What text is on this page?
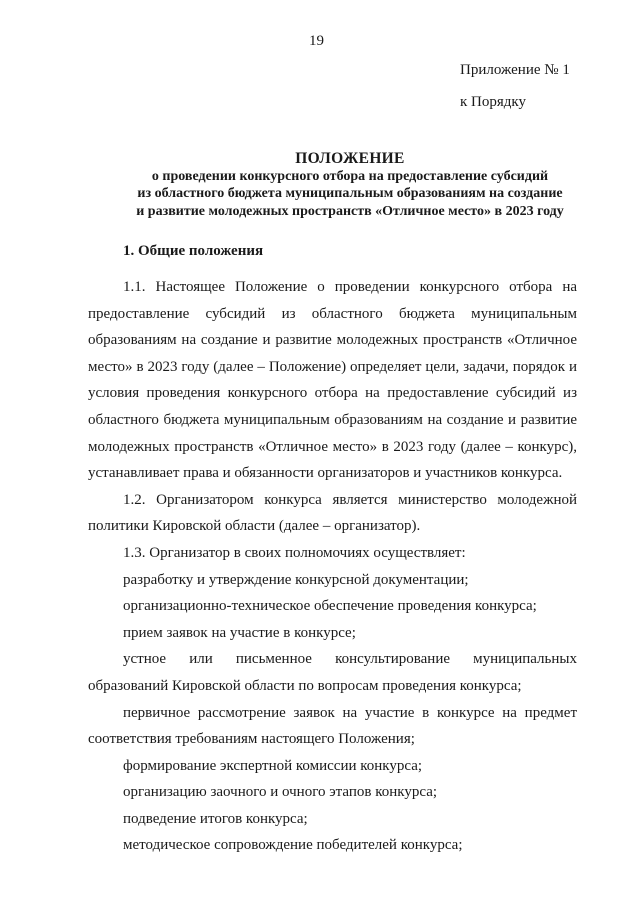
19
Приложение № 1
к Порядку
ПОЛОЖЕНИЕ
о проведении конкурсного отбора на предоставление субсидий
из областного бюджета муниципальным образованиям на создание
и развитие молодежных пространств «Отличное место» в 2023 году
1. Общие положения

1.1. Настоящее Положение о проведении конкурсного отбора на предоставление субсидий из областного бюджета муниципальным образованиям на создание и развитие молодежных пространств «Отличное место» в 2023 году (далее – Положение) определяет цели, задачи, порядок и условия проведения конкурсного отбора на предоставление субсидий из областного бюджета муниципальным образованиям на создание и развитие молодежных пространств «Отличное место» в 2023 году (далее – конкурс), устанавливает права и обязанности организаторов и участников конкурса.

1.2. Организатором конкурса является министерство молодежной политики Кировской области (далее – организатор).

1.3. Организатор в своих полномочиях осуществляет:

разработку и утверждение конкурсной документации;

организационно-техническое обеспечение проведения конкурса;

прием заявок на участие в конкурсе;

устное или письменное консультирование муниципальных образований Кировской области по вопросам проведения конкурса;

первичное рассмотрение заявок на участие в конкурсе на предмет соответствия требованиям настоящего Положения;

формирование экспертной комиссии конкурса;

организацию заочного и очного этапов конкурса;

подведение итогов конкурса;

методическое сопровождение победителей конкурса;
